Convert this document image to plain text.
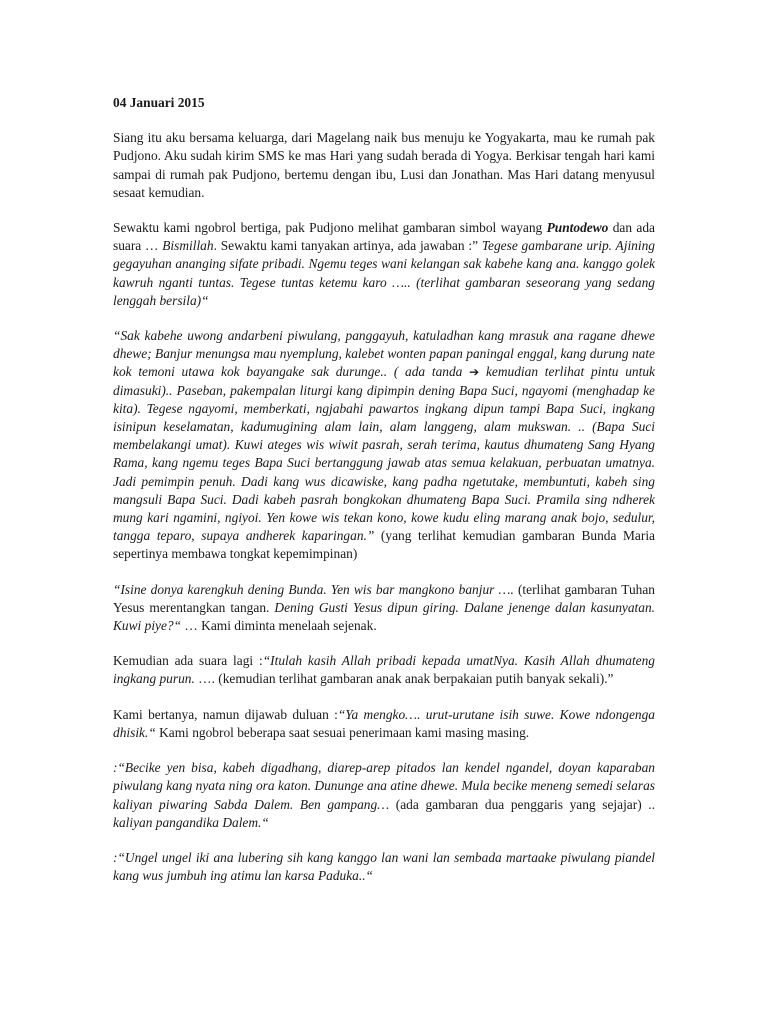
04 Januari 2015

Siang itu aku bersama keluarga, dari Magelang naik bus menuju ke Yogyakarta, mau ke rumah pak Pudjono. Aku sudah kirim SMS ke mas Hari yang sudah berada di Yogya. Berkisar tengah hari kami sampai di rumah pak Pudjono, bertemu dengan ibu, Lusi dan Jonathan. Mas Hari datang menyusul sesaat kemudian.

Sewaktu kami ngobrol bertiga, pak Pudjono melihat gambaran simbol wayang Puntodewo dan ada suara … Bismillah. Sewaktu kami tanyakan artinya, ada jawaban :” Tegese gambarane urip. Ajining gegayuhan ananging sifate pribadi. Ngemu teges wani kelangan sak kabehe kang ana. kanggo golek kawruh nganti tuntas. Tegese tuntas ketemu karo ….. (terlihat gambaran seseorang yang sedang lenggah bersila)“

“Sak kabehe uwong andarbeni piwulang, panggayuh, katuladhan kang mrasuk ana ragane dhewe dhewe; Banjur menungsa mau nyemplung, kalebet wonten papan paningal enggal, kang durung nate kok temoni utawa kok bayangake sak durunge.. ( ada tanda ➔ kemudian terlihat pintu untuk dimasuki).. Paseban, pakempalan liturgi kang dipimpin dening Bapa Suci, ngayomi (menghadap ke kita). Tegese ngayomi, memberkati, ngjabahi pawartos ingkang dipun tampi Bapa Suci, ingkang isinipun keselamatan, kadumugining alam lain, alam langgeng, alam mukswan. .. (Bapa Suci membelakangi umat). Kuwi ateges wis wiwit pasrah, serah terima, kautus dhumateng Sang Hyang Rama, kang ngemu teges Bapa Suci bertanggung jawab atas semua kelakuan, perbuatan umatnya. Jadi pemimpin penuh. Dadi kang wus dicawiske, kang padha ngetutake, membuntuti, kabeh sing mangsuli Bapa Suci. Dadi kabeh pasrah bongkokan dhumateng Bapa Suci. Pramila sing ndherek mung kari ngamini, ngiyoi. Yen kowe wis tekan kono, kowe kudu eling marang anak bojo, sedulur, tangga teparo, supaya andherek kaparingan.” (yang terlihat kemudian gambaran Bunda Maria sepertinya membawa tongkat kepemimpinan)

“Isine donya karengkuh dening Bunda. Yen wis bar mangkono banjur …. (terlihat gambaran Tuhan Yesus merentangkan tangan. Dening Gusti Yesus dipun giring. Dalane jenenge dalan kasunyatan. Kuwi piye?“ … Kami diminta menelaah sejenak.

Kemudian ada suara lagi :“Itulah kasih Allah pribadi kepada umatNya. Kasih Allah dhumateng ingkang purun. …. (kemudian terlihat gambaran anak anak berpakaian putih banyak sekali).”

Kami bertanya, namun dijawab duluan :“Ya mengko…. urut-urutane isih suwe. Kowe ndongenga dhisik.“ Kami ngobrol beberapa saat sesuai penerimaan kami masing masing.

:“Becike yen bisa, kabeh digadhang, diarep-arep pitados lan kendel ngandel, doyan kaparaban piwulang kang nyata ning ora katon. Dununge ana atine dhewe. Mula becike meneng semedi selaras kaliyan piwaring Sabda Dalem. Ben gampang… (ada gambaran dua penggaris yang sejajar) .. kaliyan pangandika Dalem.“

:“Ungel ungel iki ana lubering sih kang kanggo lan wani lan sembada martaake piwulang piandel kang wus jumbuh ing atimu lan karsa Paduka..“
